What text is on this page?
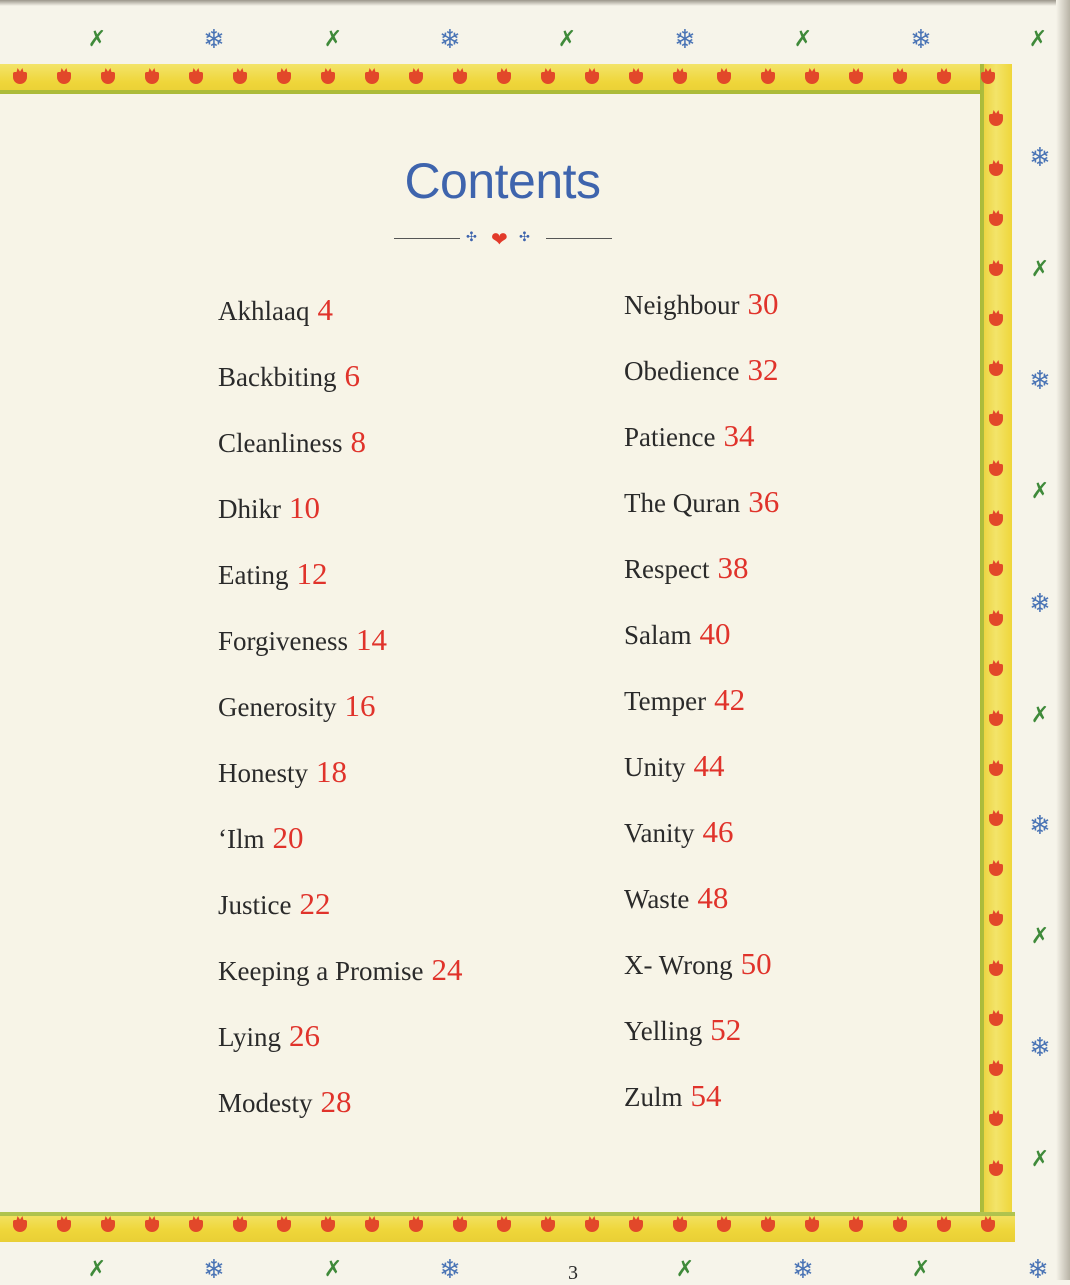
✗	❄	✗	❄	✗	❄	✗	❄	✗
✗	❄	✗	❄	✗	❄	✗	❄
❄
✗
❄
✗
❄
✗
❄
✗
❄
✗
Contents
✣ ❤ ✣
Akhlaaq 4
Backbiting 6
Cleanliness 8
Dhikr 10
Eating 12
Forgiveness 14
Generosity 16
Honesty 18
‘Ilm 20
Justice 22
Keeping a Promise 24
Lying 26
Modesty 28
Neighbour 30
Obedience 32
Patience 34
The Quran 36
Respect 38
Salam 40
Temper 42
Unity 44
Vanity 46
Waste 48
X- Wrong 50
Yelling 52
Zulm 54
3
